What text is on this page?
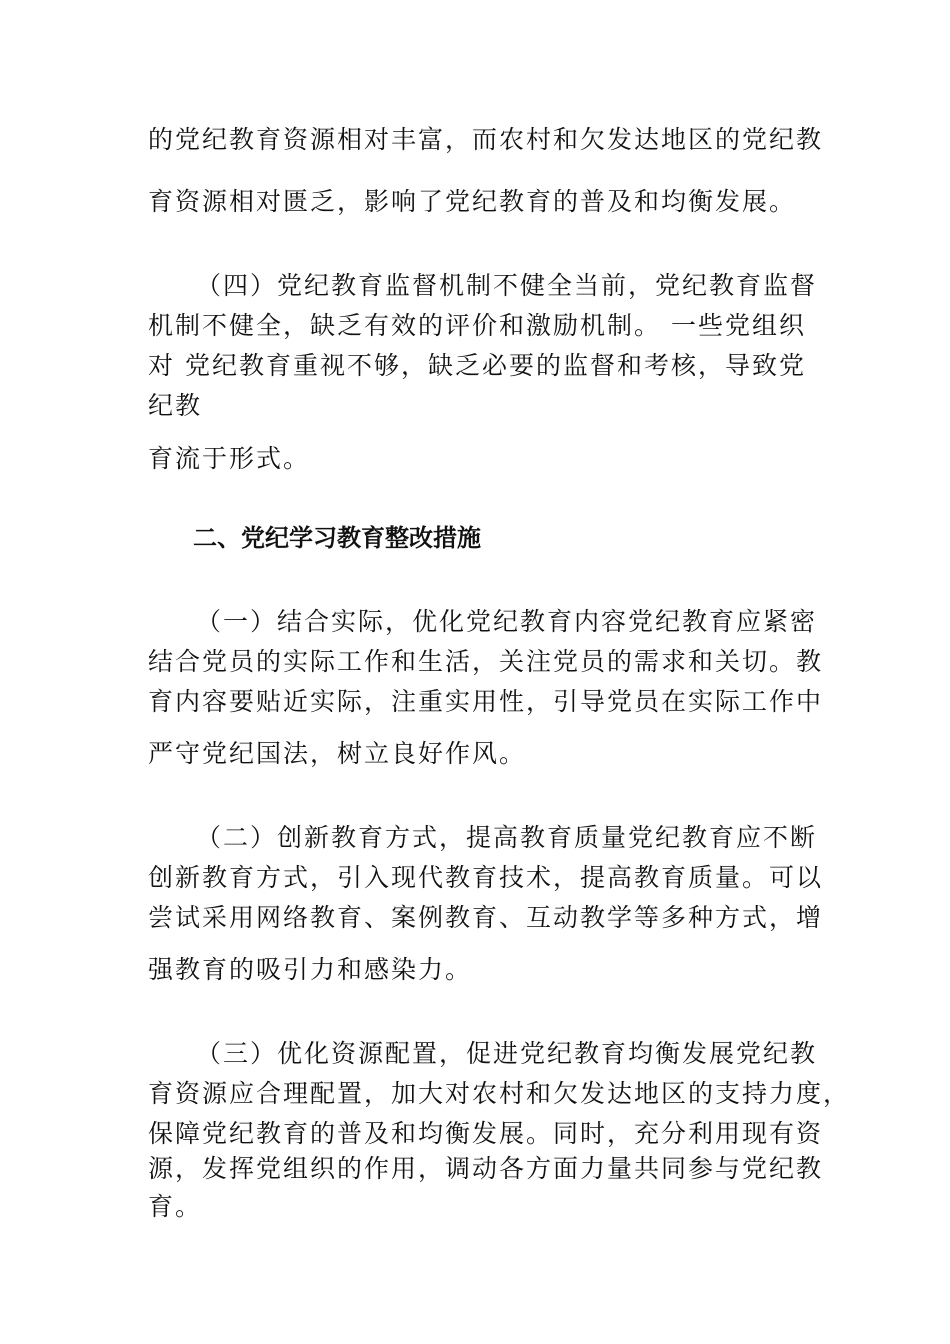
的党纪教育资源相对丰富，而农村和欠发达地区的党纪教
育资源相对匮乏，影响了党纪教育的普及和均衡发展。
（四）党纪教育监督机制不健全当前，党纪教育监督
机制不健全，缺乏有效的评价和激励机制。 一些党组织
对 党纪教育重视不够，缺乏必要的监督和考核，导致党
纪教
育流于形式。
二、党纪学习教育整改措施
（一）结合实际，优化党纪教育内容党纪教育应紧密
结合党员的实际工作和生活，关注党员的需求和关切。教
育内容要贴近实际，注重实用性，引导党员在实际工作中
严守党纪国法，树立良好作风。
（二）创新教育方式，提高教育质量党纪教育应不断
创新教育方式，引入现代教育技术，提高教育质量。可以
尝试采用网络教育、案例教育、互动教学等多种方式，增
强教育的吸引力和感染力。
（三）优化资源配置，促进党纪教育均衡发展党纪教
育资源应合理配置，加大对农村和欠发达地区的支持力度，
保障党纪教育的普及和均衡发展。同时，充分利用现有资
源，发挥党组织的作用，调动各方面力量共同参与党纪教
育。
